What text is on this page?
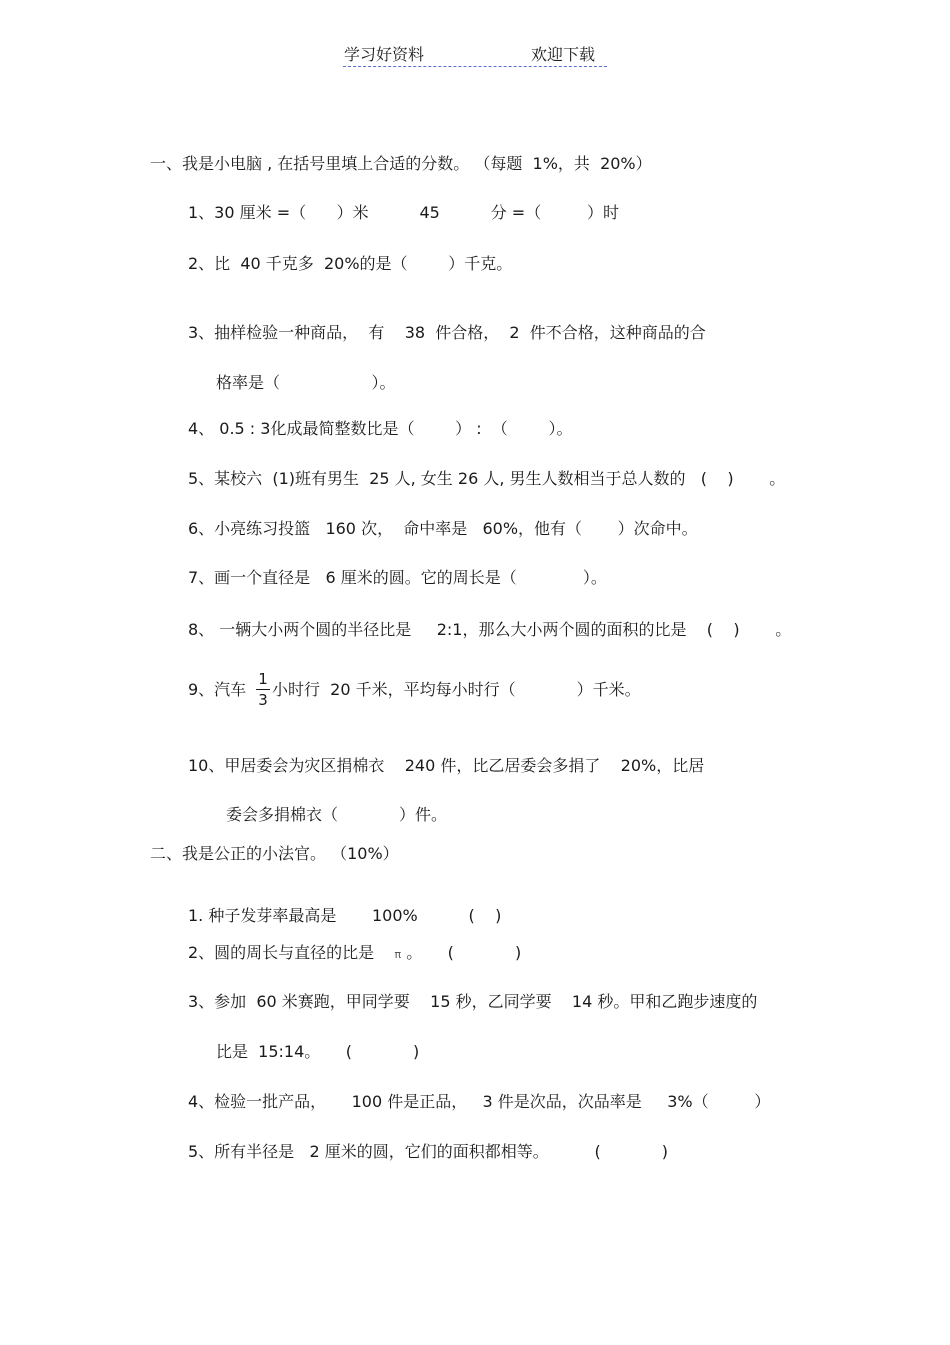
学习好资料	欢迎下载
一、我是小电脑 , 在括号里填上合适的分数。 （每题  1%，共  20%）
1、30 厘米 =（      ）米          45          分 =（         ）时
2、比  40 千克多  20%的是（        ）千克。
3、抽样检验一种商品，  有    38  件合格，  2  件不合格，这种商品的合
格率是（                  ）。
4、 0.5 : 3化成最简整数比是（        ） :  （        ）。
5、某校六  (1)班有男生  25 人, 女生 26 人, 男生人数相当于总人数的   (    )       。
6、小亮练习投篮   160 次，  命中率是   60%，他有（       ）次命中。
7、画一个直径是   6 厘米的圆。它的周长是（             ）。
8、 一辆大小两个圆的半径比是     2:1，那么大小两个圆的面积的比是    (    )       。
9、汽车
1
3
小时行  20 千米，平均每小时行（            ）千米。
10、甲居委会为灾区捐棉衣    240 件，比乙居委会多捐了    20%，比居
委会多捐棉衣（            ）件。
二、我是公正的小法官。 （10%）
1. 种子发芽率最高是       100%          (    )
2、圆的周长与直径的比是    π 。     (            )
3、参加  60 米赛跑，甲同学要    15 秒，乙同学要    14 秒。甲和乙跑步速度的
比是  15:14。     (            )
4、检验一批产品，     100 件是正品，   3 件是次品，次品率是     3%（         ）
5、所有半径是   2 厘米的圆，它们的面积都相等。         (            )
